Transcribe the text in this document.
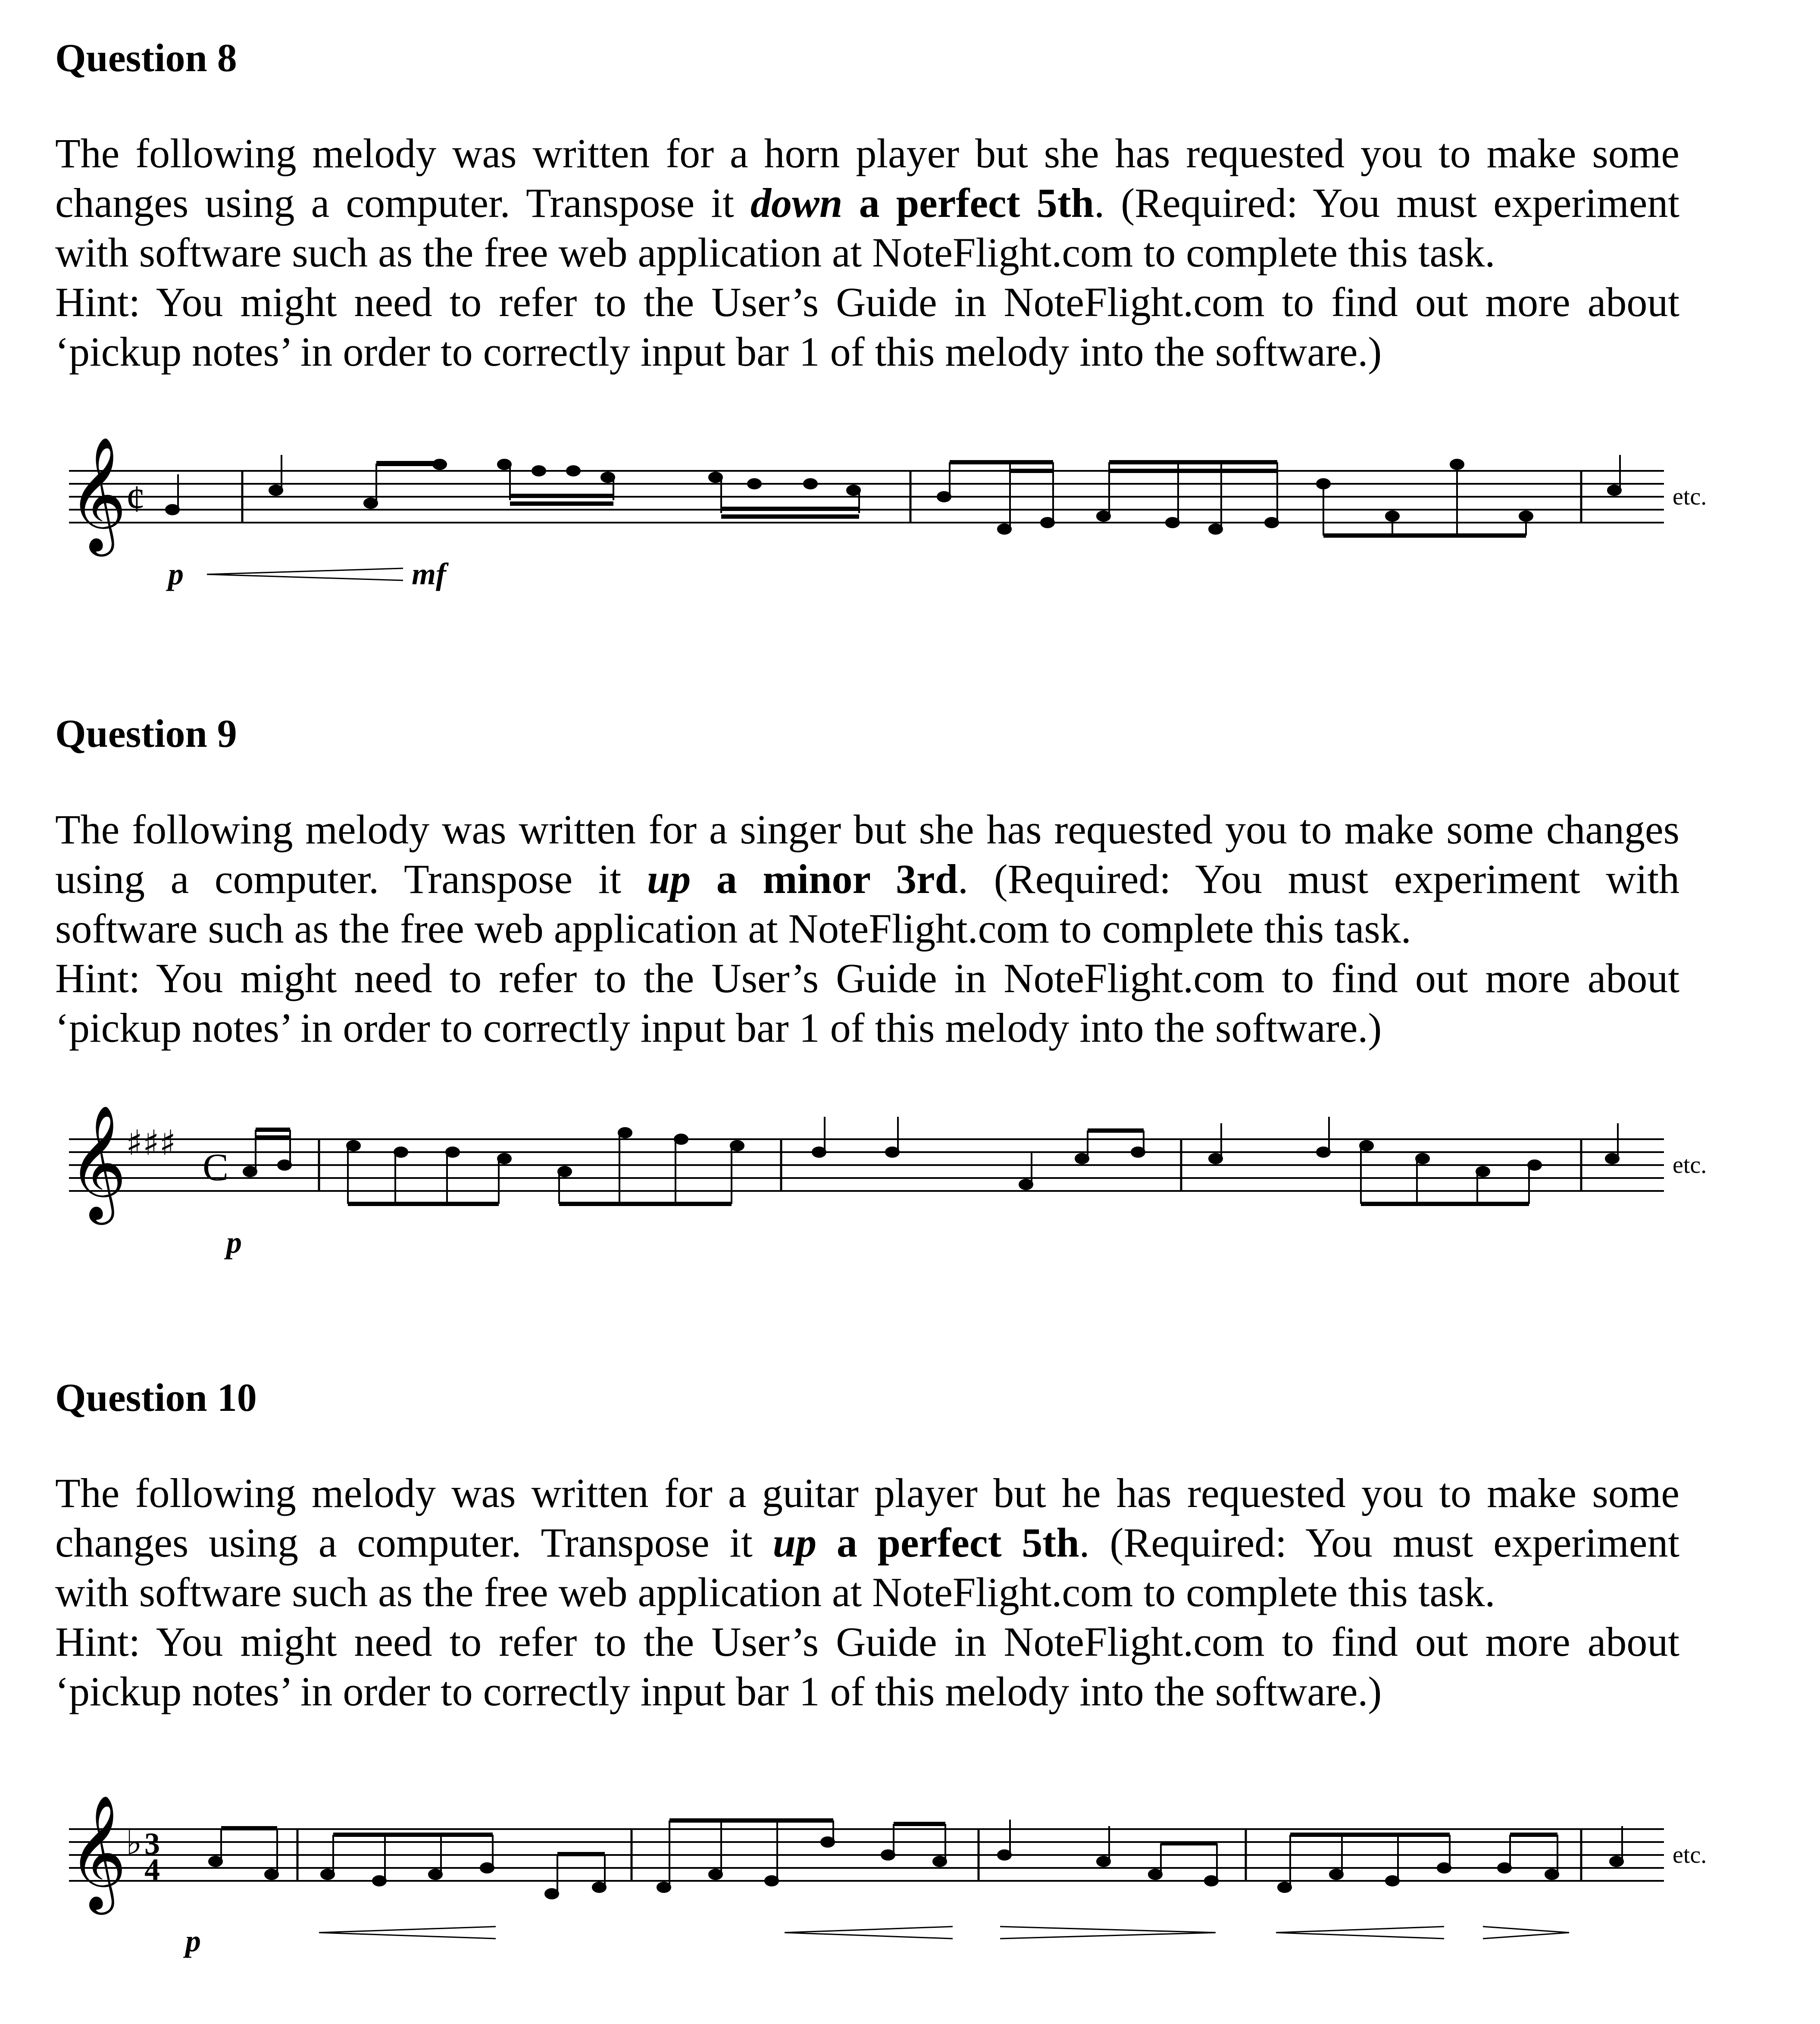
Question 8
The following melody was written for a horn player but she has requested you to make some
changes using a computer. Transpose it down a perfect 5th. (Required: You must experiment
with software such as the free web application at NoteFlight.com to complete this task.
Hint: You might need to refer to the User’s Guide in NoteFlight.com to find out more about
‘pickup notes’ in order to correctly input bar 1 of this melody into the software.)
𝄞
¢
p	mf
etc.
Question 9
The following melody was written for a singer but she has requested you to make some changes
using a computer. Transpose it up a minor 3rd. (Required: You must experiment with
software such as the free web application at NoteFlight.com to complete this task.
Hint: You might need to refer to the User’s Guide in NoteFlight.com to find out more about
‘pickup notes’ in order to correctly input bar 1 of this melody into the software.)
𝄞
♯♯♯
C
p
etc.
Question 10
The following melody was written for a guitar player but he has requested you to make some
changes using a computer. Transpose it up a perfect 5th. (Required: You must experiment
with software such as the free web application at NoteFlight.com to complete this task.
Hint: You might need to refer to the User’s Guide in NoteFlight.com to find out more about
‘pickup notes’ in order to correctly input bar 1 of this melody into the software.)
𝄞
♭ 3
4
p
etc.
